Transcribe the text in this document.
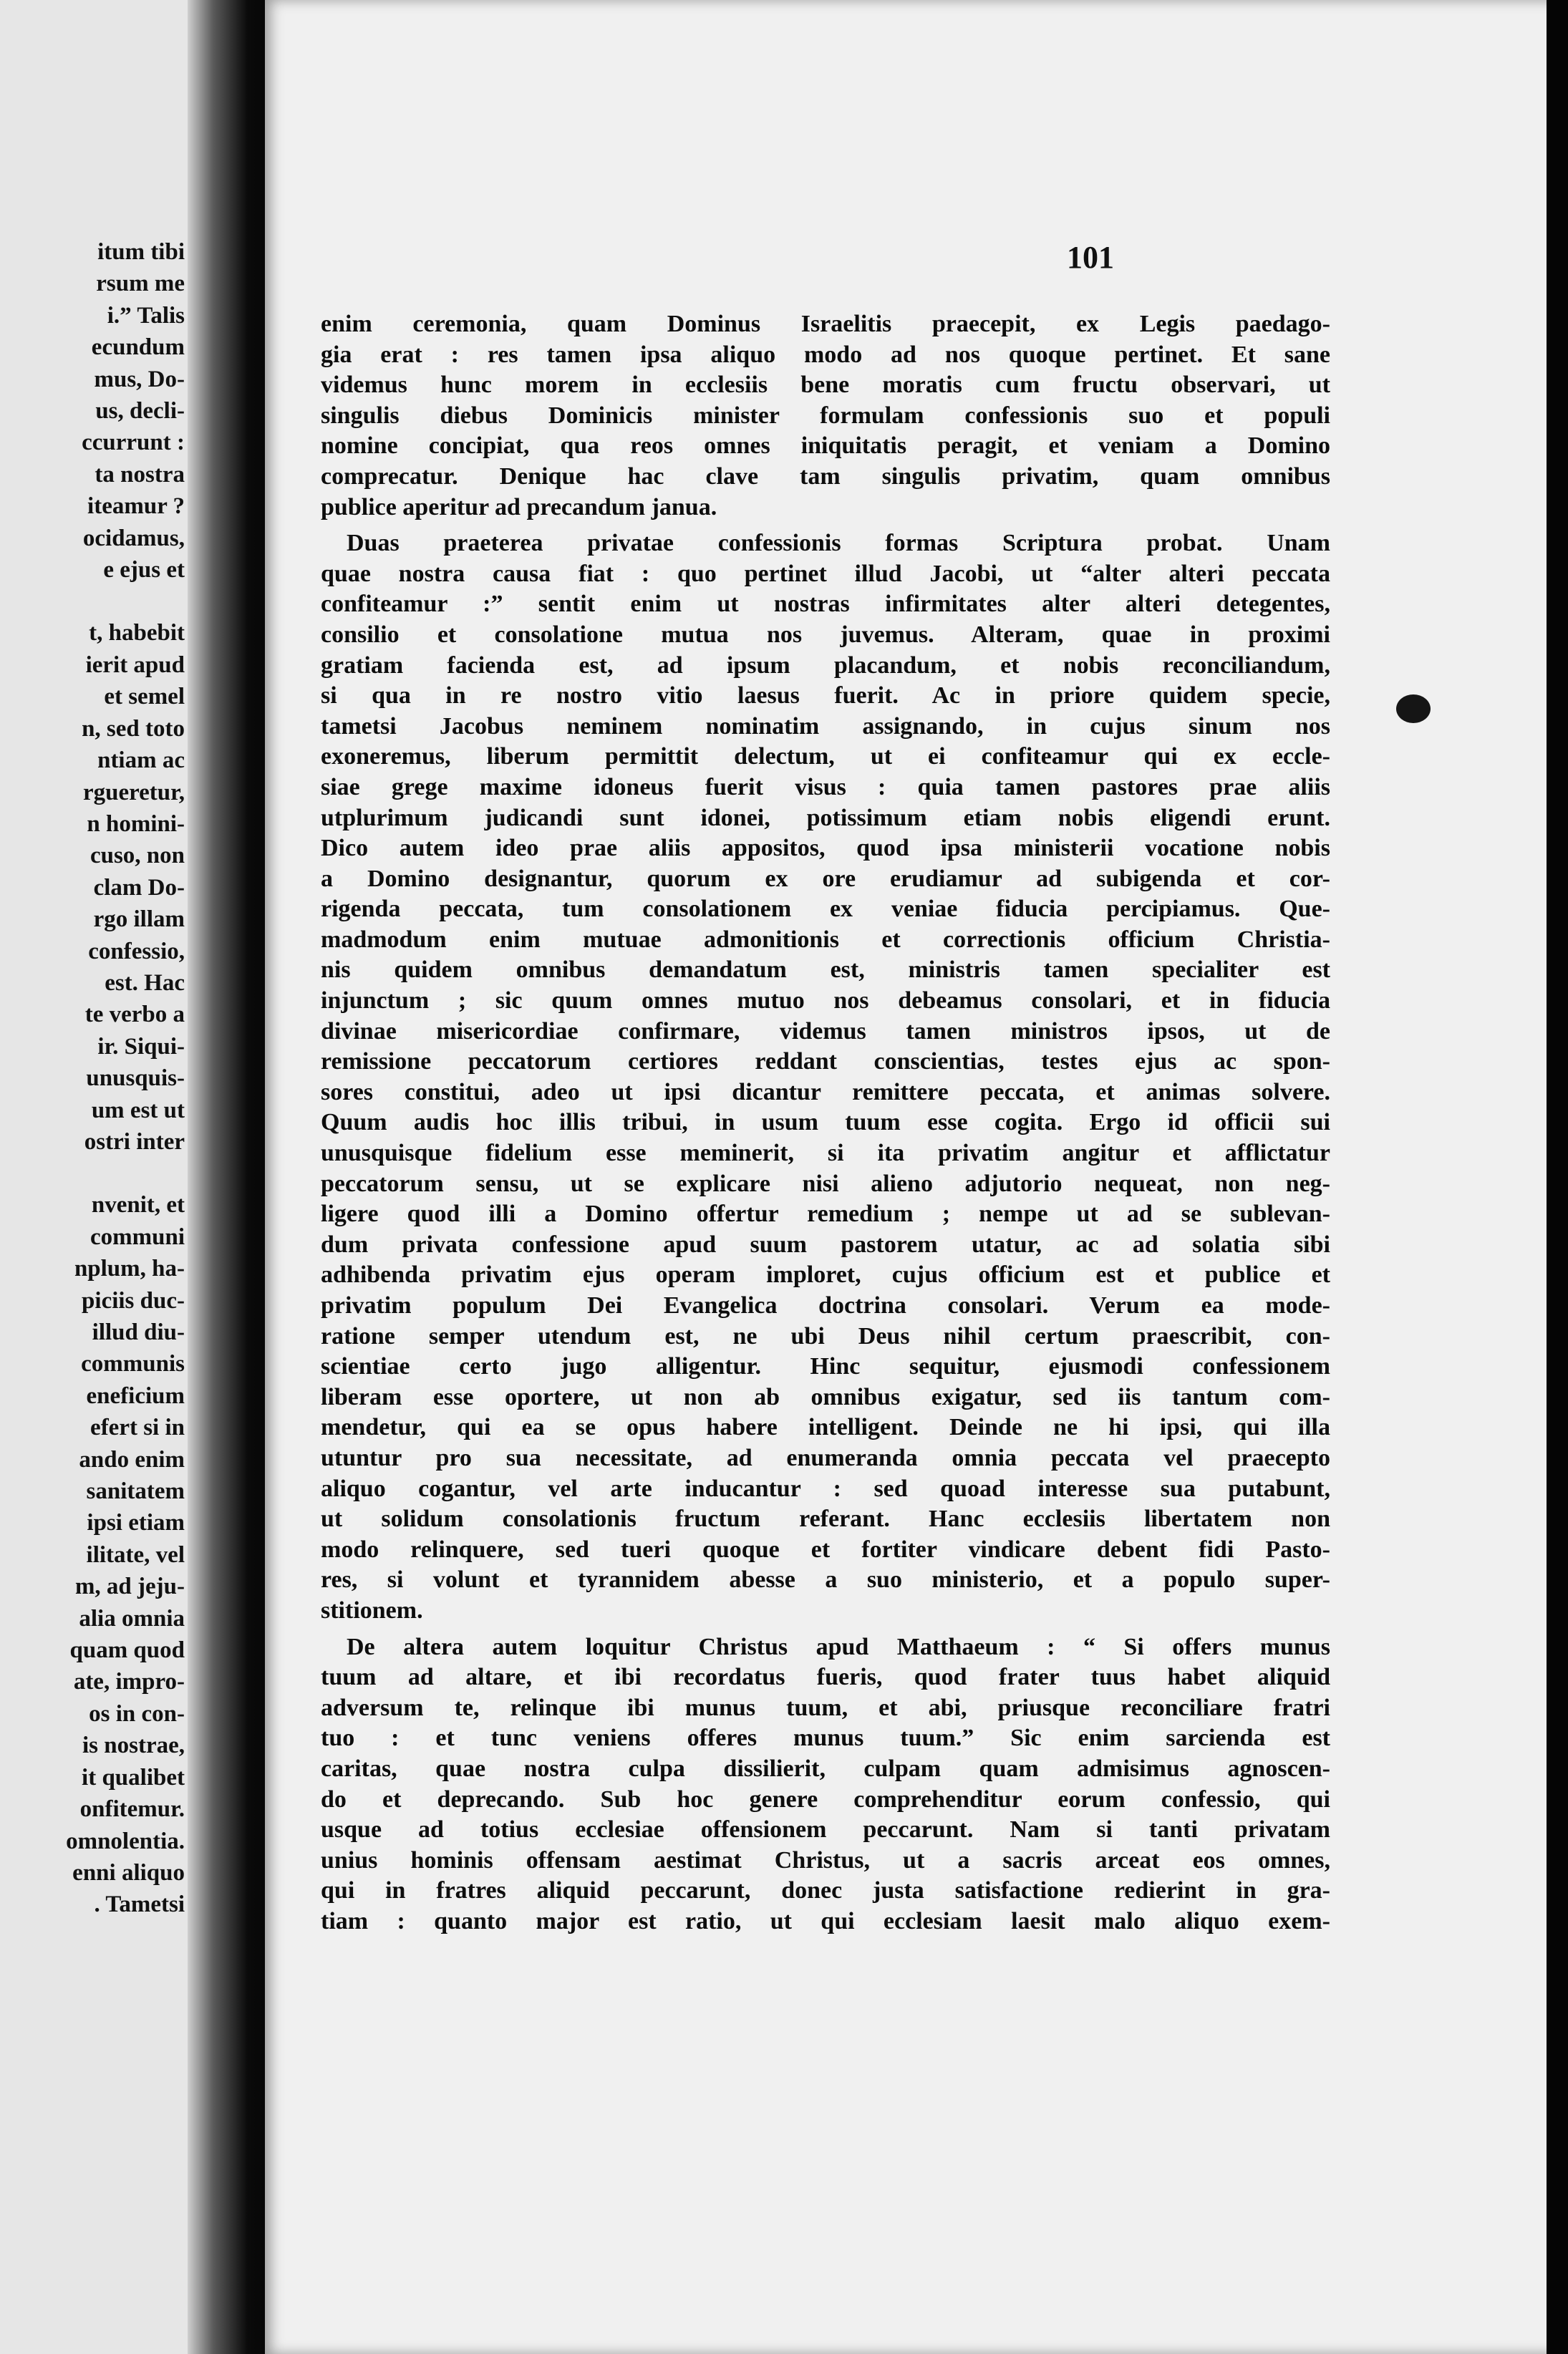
itum tibi
rsum me
i.” Talis
ecundum
mus, Do-
us, decli-
ccurrunt :
ta nostra
iteamur ?
ocidamus,
e ejus et
t, habebit
ierit apud
et semel
n, sed toto
ntiam ac
rgueretur,
n homini-
cuso, non
clam Do-
rgo illam
confessio,
est. Hac
te verbo a
ir. Siqui-
unusquis-
um est ut
ostri inter
nvenit, et
communi
nplum, ha-
piciis duc-
illud diu-
communis
eneficium
efert si in
ando enim
sanitatem
ipsi etiam
ilitate, vel
m, ad jeju-
alia omnia
quam quod
ate, impro-
os in con-
is nostrae,
it qualibet
onfitemur.
omnolentia.
enni aliquo
. Tametsi
101
enim ceremonia, quam Dominus Israelitis praecepit, ex Legis paedago-
gia erat : res tamen ipsa aliquo modo ad nos quoque pertinet. Et sane
videmus hunc morem in ecclesiis bene moratis cum fructu observari, ut
singulis diebus Dominicis minister formulam confessionis suo et populi
nomine concipiat, qua reos omnes iniquitatis peragit, et veniam a Domino
comprecatur. Denique hac clave tam singulis privatim, quam omnibus
publice aperitur ad precandum janua.
Duas praeterea privatae confessionis formas Scriptura probat. Unam
quae nostra causa fiat : quo pertinet illud Jacobi, ut “alter alteri peccata
confiteamur :” sentit enim ut nostras infirmitates alter alteri detegentes,
consilio et consolatione mutua nos juvemus. Alteram, quae in proximi
gratiam facienda est, ad ipsum placandum, et nobis reconciliandum,
si qua in re nostro vitio laesus fuerit. Ac in priore quidem specie,
tametsi Jacobus neminem nominatim assignando, in cujus sinum nos
exoneremus, liberum permittit delectum, ut ei confiteamur qui ex eccle-
siae grege maxime idoneus fuerit visus : quia tamen pastores prae aliis
utplurimum judicandi sunt idonei, potissimum etiam nobis eligendi erunt.
Dico autem ideo prae aliis appositos, quod ipsa ministerii vocatione nobis
a Domino designantur, quorum ex ore erudiamur ad subigenda et cor-
rigenda peccata, tum consolationem ex veniae fiducia percipiamus. Que-
madmodum enim mutuae admonitionis et correctionis officium Christia-
nis quidem omnibus demandatum est, ministris tamen specialiter est
injunctum ; sic quum omnes mutuo nos debeamus consolari, et in fiducia
divinae misericordiae confirmare, videmus tamen ministros ipsos, ut de
remissione peccatorum certiores reddant conscientias, testes ejus ac spon-
sores constitui, adeo ut ipsi dicantur remittere peccata, et animas solvere.
Quum audis hoc illis tribui, in usum tuum esse cogita. Ergo id officii sui
unusquisque fidelium esse meminerit, si ita privatim angitur et afflictatur
peccatorum sensu, ut se explicare nisi alieno adjutorio nequeat, non neg-
ligere quod illi a Domino offertur remedium ; nempe ut ad se sublevan-
dum privata confessione apud suum pastorem utatur, ac ad solatia sibi
adhibenda privatim ejus operam imploret, cujus officium est et publice et
privatim populum Dei Evangelica doctrina consolari. Verum ea mode-
ratione semper utendum est, ne ubi Deus nihil certum praescribit, con-
scientiae certo jugo alligentur. Hinc sequitur, ejusmodi confessionem
liberam esse oportere, ut non ab omnibus exigatur, sed iis tantum com-
mendetur, qui ea se opus habere intelligent. Deinde ne hi ipsi, qui illa
utuntur pro sua necessitate, ad enumeranda omnia peccata vel praecepto
aliquo cogantur, vel arte inducantur : sed quoad interesse sua putabunt,
ut solidum consolationis fructum referant. Hanc ecclesiis libertatem non
modo relinquere, sed tueri quoque et fortiter vindicare debent fidi Pasto-
res, si volunt et tyrannidem abesse a suo ministerio, et a populo super-
stitionem.
De altera autem loquitur Christus apud Matthaeum : “ Si offers munus
tuum ad altare, et ibi recordatus fueris, quod frater tuus habet aliquid
adversum te, relinque ibi munus tuum, et abi, priusque reconciliare fratri
tuo : et tunc veniens offeres munus tuum.” Sic enim sarcienda est
caritas, quae nostra culpa dissilierit, culpam quam admisimus agnoscen-
do et deprecando. Sub hoc genere comprehenditur eorum confessio, qui
usque ad totius ecclesiae offensionem peccarunt. Nam si tanti privatam
unius hominis offensam aestimat Christus, ut a sacris arceat eos omnes,
qui in fratres aliquid peccarunt, donec justa satisfactione redierint in gra-
tiam : quanto major est ratio, ut qui ecclesiam laesit malo aliquo exem-
